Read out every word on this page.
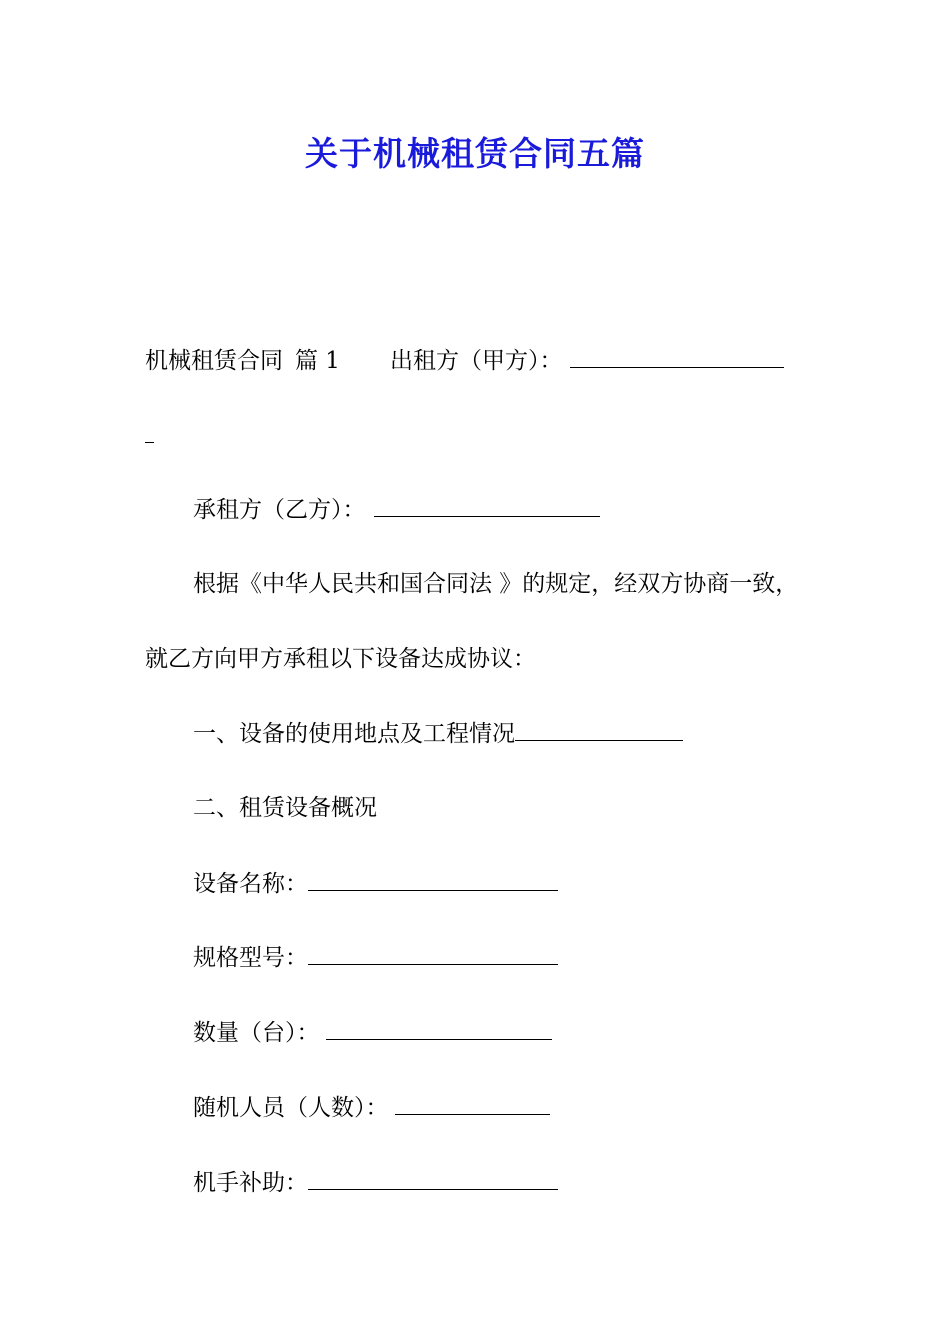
关于机械租赁合同五篇
机械租赁合同 篇 1 出租方（甲方）：
承租方（乙方）：
根据《中华人民共和国合同法 》的规定，经双方协商一致，
就乙方向甲方承租以下设备达成协议：
一、设备的使用地点及工程情况
二、租赁设备概况
设备名称：
规格型号：
数量（台）：
随机人员（人数）：
机手补助：
